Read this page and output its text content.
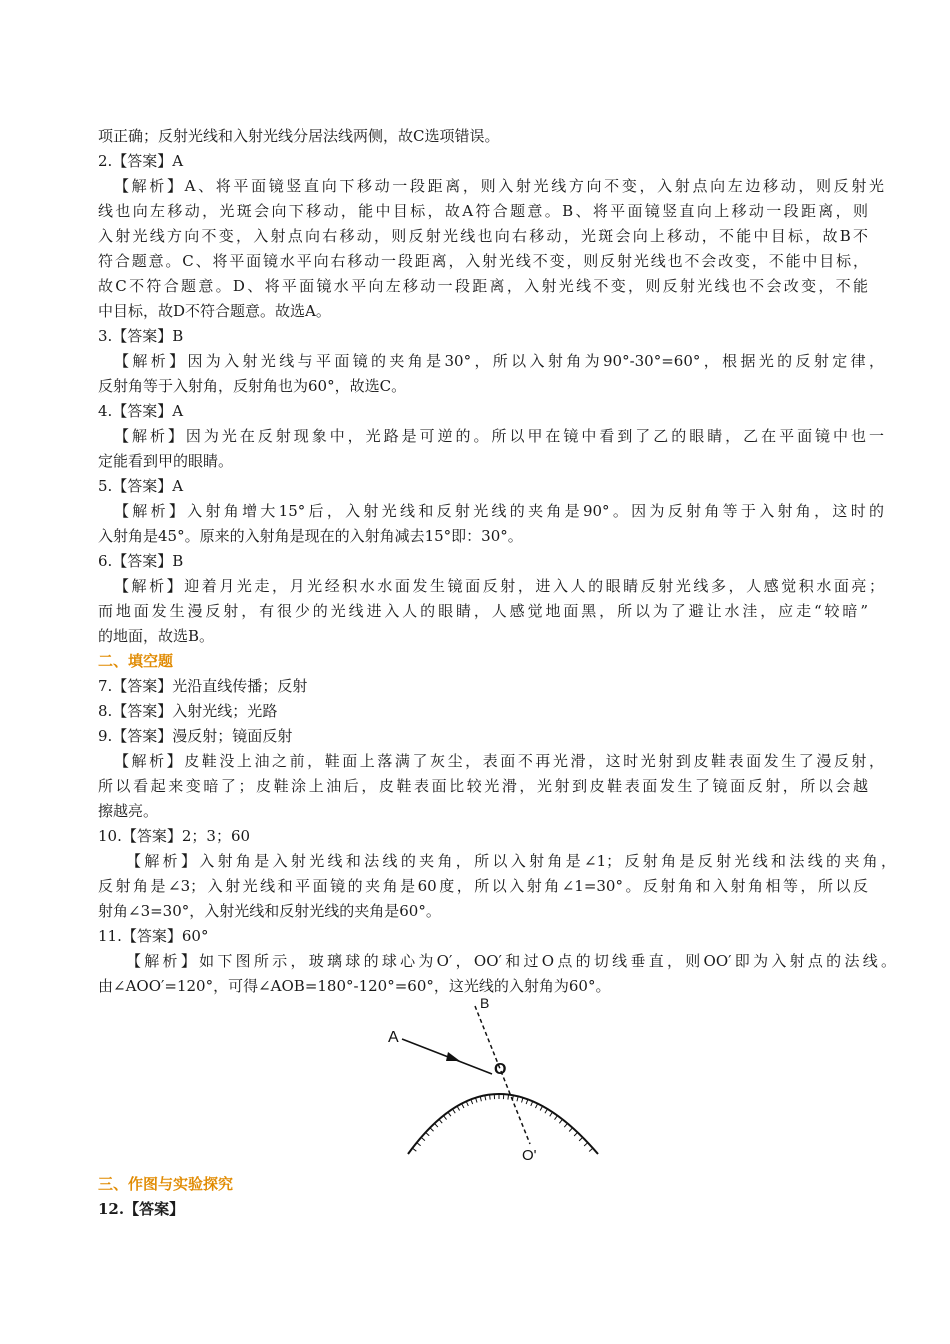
项正确；反射光线和入射光线分居法线两侧，故C选项错误。
2.【答案】A
【解析】A、将平面镜竖直向下移动一段距离，则入射光线方向不变，入射点向左边移动，则反射光
线也向左移动，光斑会向下移动，能中目标，故A符合题意。B、将平面镜竖直向上移动一段距离，则
入射光线方向不变，入射点向右移动，则反射光线也向右移动，光斑会向上移动，不能中目标，故B不
符合题意。C、将平面镜水平向右移动一段距离，入射光线不变，则反射光线也不会改变，不能中目标，
故C不符合题意。D、将平面镜水平向左移动一段距离，入射光线不变，则反射光线也不会改变，不能
中目标，故D不符合题意。故选A。
3.【答案】B
【解析】因为入射光线与平面镜的夹角是30°，所以入射角为90°-30°=60°，根据光的反射定律，
反射角等于入射角，反射角也为60°，故选C。
4.【答案】A
【解析】因为光在反射现象中，光路是可逆的。所以甲在镜中看到了乙的眼睛，乙在平面镜中也一
定能看到甲的眼睛。
5.【答案】A
【解析】入射角增大15°后，入射光线和反射光线的夹角是90°。因为反射角等于入射角，这时的
入射角是45°。原来的入射角是现在的入射角减去15°即：30°。
6.【答案】B
【解析】迎着月光走，月光经积水水面发生镜面反射，进入人的眼睛反射光线多，人感觉积水面亮；
而地面发生漫反射，有很少的光线进入人的眼睛，人感觉地面黑，所以为了避让水洼，应走“较暗”
的地面，故选B。
二、填空题
7.【答案】光沿直线传播；反射
8.【答案】入射光线；光路
9.【答案】漫反射；镜面反射
【解析】皮鞋没上油之前，鞋面上落满了灰尘，表面不再光滑，这时光射到皮鞋表面发生了漫反射，
所以看起来变暗了；皮鞋涂上油后，皮鞋表面比较光滑，光射到皮鞋表面发生了镜面反射，所以会越
擦越亮。
10.【答案】2；3；60
【解析】入射角是入射光线和法线的夹角，所以入射角是∠1；反射角是反射光线和法线的夹角，
反射角是∠3；入射光线和平面镜的夹角是60度，所以入射角∠1=30°。反射角和入射角相等，所以反
射角∠3=30°，入射光线和反射光线的夹角是60°。
11.【答案】60°
【解析】如下图所示，玻璃球的球心为O′，OO′和过O点的切线垂直，则OO′即为入射点的法线。
由∠AOO′=120°，可得∠AOB=180°-120°=60°，这光线的入射角为60°。
三、作图与实验探究
12.【答案】
A
B
O
O'
